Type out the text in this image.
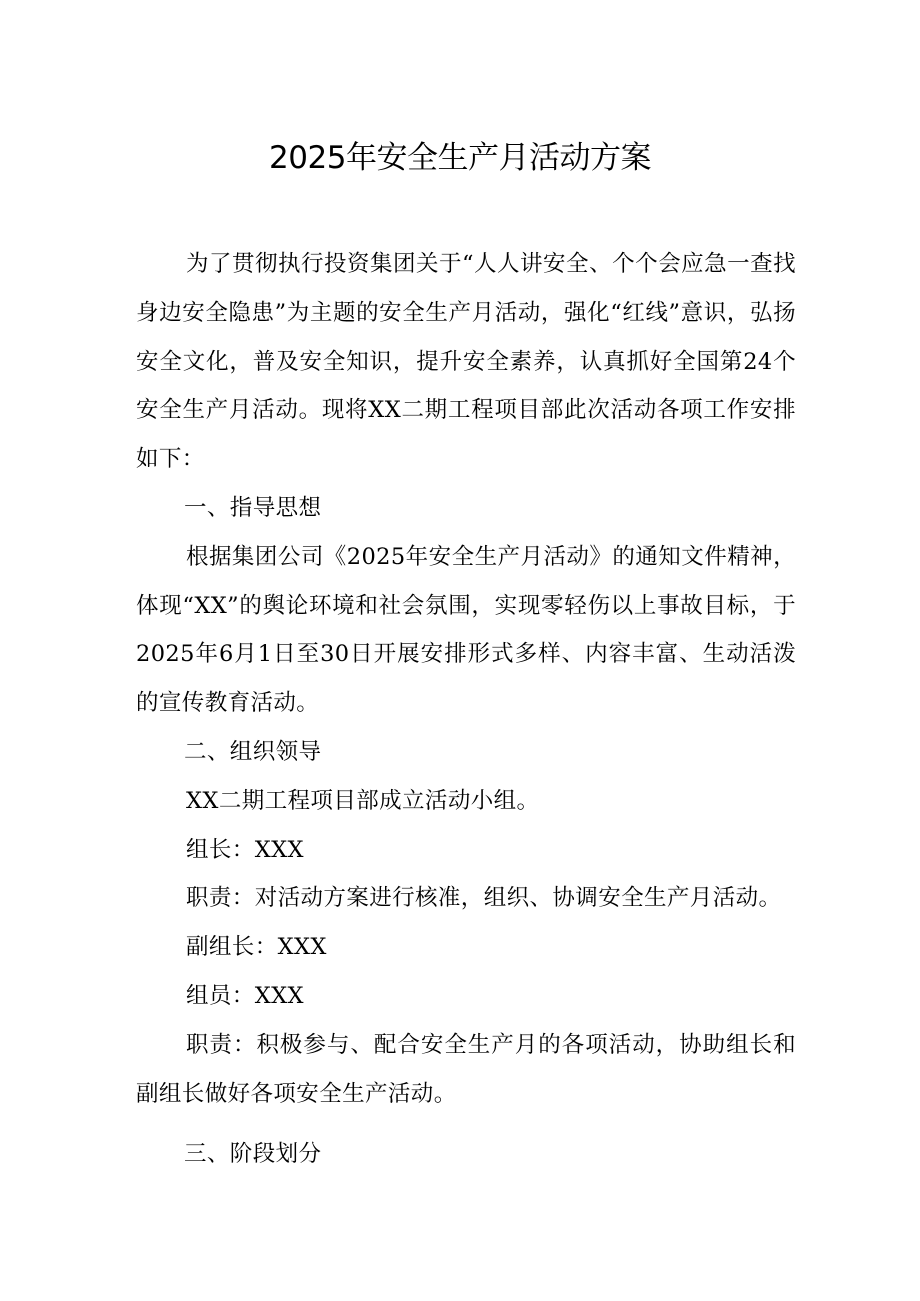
2025年安全生产月活动方案

为了贯彻执行投资集团关于“人人讲安全、个个会应急一查找身边安全隐患”为主题的安全生产月活动，强化“红线”意识，弘扬安全文化，普及安全知识，提升安全素养，认真抓好全国第24个安全生产月活动。现将XX二期工程项目部此次活动各项工作安排如下：

一、指导思想

根据集团公司《2025年安全生产月活动》的通知文件精神，体现“XX”的舆论环境和社会氛围，实现零轻伤以上事故目标，于2025年6月1日至30日开展安排形式多样、内容丰富、生动活泼的宣传教育活动。

二、组织领导

XX二期工程项目部成立活动小组。

组长：XXX

职责：对活动方案进行核准，组织、协调安全生产月活动。

副组长：XXX

组员：XXX

职责：积极参与、配合安全生产月的各项活动，协助组长和副组长做好各项安全生产活动。

三、阶段划分
